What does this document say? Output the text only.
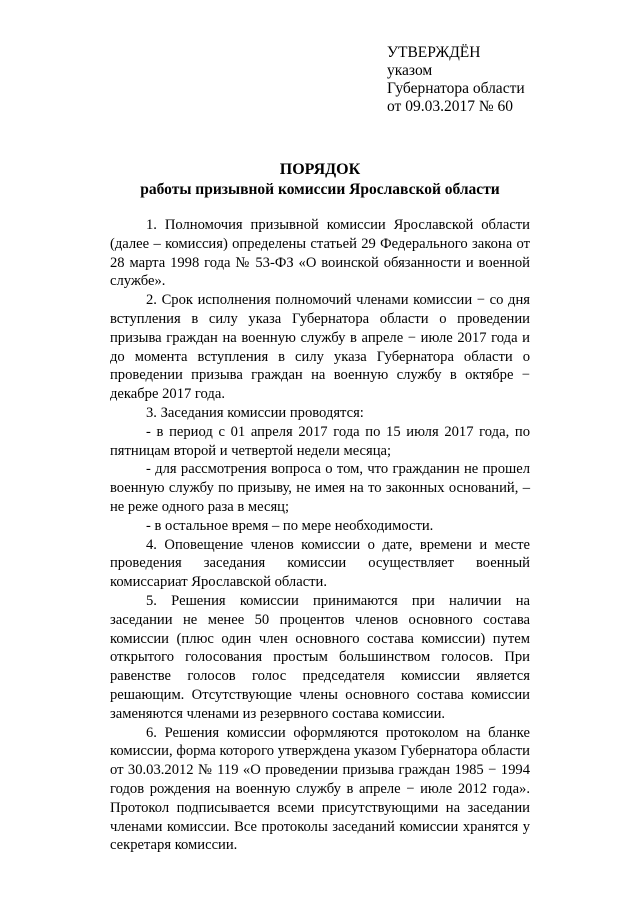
УТВЕРЖДЁН
указом
Губернатора области
от 09.03.2017 № 60
ПОРЯДОК
работы призывной комиссии Ярославской области

1. Полномочия призывной комиссии Ярославской области (далее – комиссия) определены статьей 29 Федерального закона от 28 марта 1998 года № 53-ФЗ «О воинской обязанности и военной службе».

2. Срок исполнения полномочий членами комиссии − со дня вступления в силу указа Губернатора области о проведении призыва граждан на военную службу в апреле − июле 2017 года и до момента вступления в силу указа Губернатора области о проведении призыва граждан на военную службу в октябре − декабре 2017 года.

3. Заседания комиссии проводятся:

- в период с 01 апреля 2017 года по 15 июля 2017 года, по пятницам второй и четвертой недели месяца;

- для рассмотрения вопроса о том, что гражданин не прошел военную службу по призыву, не имея на то законных оснований, – не реже одного раза в месяц;

- в остальное время – по мере необходимости.

4. Оповещение членов комиссии о дате, времени и месте проведения заседания комиссии осуществляет военный комиссариат Ярославской области.

5. Решения комиссии принимаются при наличии на заседании не менее 50 процентов членов основного состава комиссии (плюс один член основного состава комиссии) путем открытого голосования простым большинством голосов. При равенстве голосов голос председателя комиссии является решающим. Отсутствующие члены основного состава комиссии заменяются членами из резервного состава комиссии.

6. Решения комиссии оформляются протоколом на бланке комиссии, форма которого утверждена указом Губернатора области от 30.03.2012 № 119 «О проведении призыва граждан 1985 − 1994 годов рождения на военную службу в апреле − июле 2012 года». Протокол подписывается всеми присутствующими на заседании членами комиссии. Все протоколы заседаний комиссии хранятся у секретаря комиссии.
